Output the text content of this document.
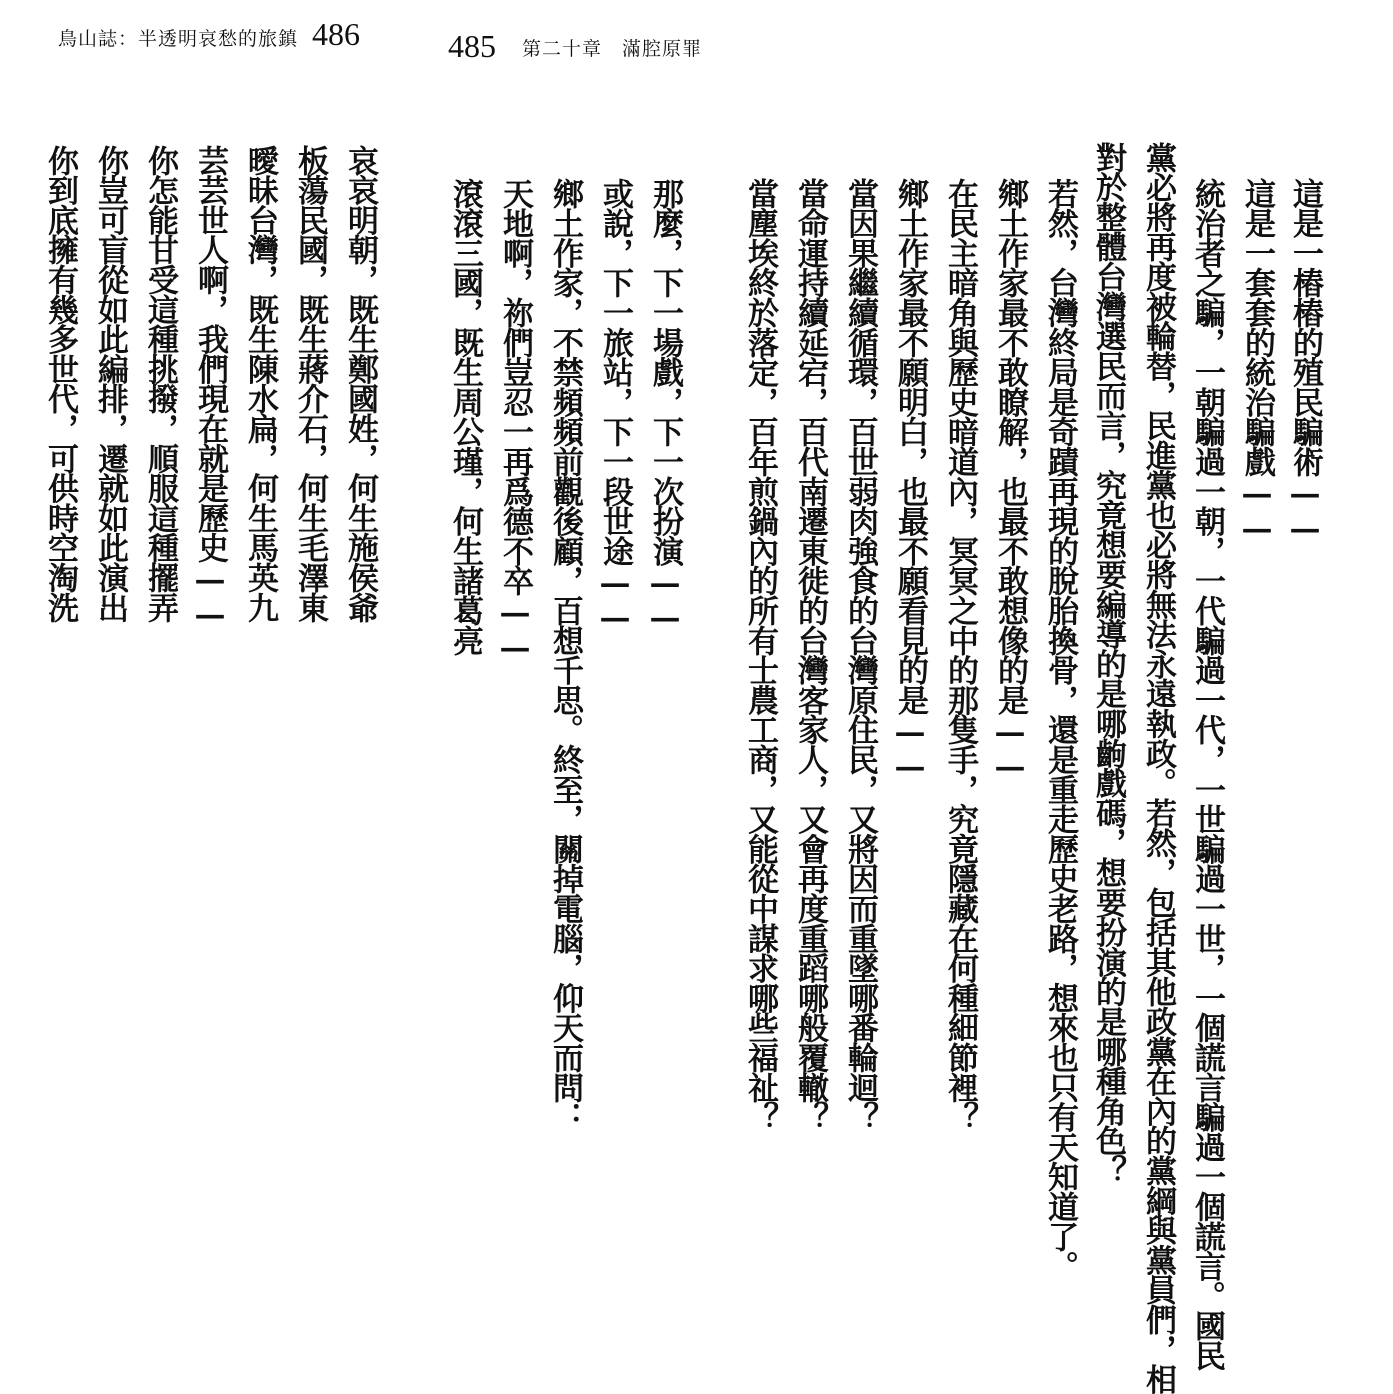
鳥山誌：半透明哀愁的旅鎮 486	485 第二十章　滿腔原罪
這是一樁樁的殖民騙術——
這是一套套的統治騙戲——
統治者之騙，一朝騙過一朝，一代騙過一代，一世騙過一世，一個謊言騙過一個謊言。國民
黨必將再度被輪替，民進黨也必將無法永遠執政。若然，包括其他政黨在內的黨綱與黨員們，相
對於整體台灣選民而言，究竟想要編導的是哪齣戲碼，想要扮演的是哪種角色？
若然，台灣終局是奇蹟再現的脫胎換骨，還是重走歷史老路，想來也只有天知道了。
鄉土作家最不敢瞭解，也最不敢想像的是——
在民主暗角與歷史暗道內，冥冥之中的那隻手，究竟隱藏在何種細節裡？
鄉土作家最不願明白，也最不願看見的是——
當因果繼續循環，百世弱肉強食的台灣原住民，又將因而重墜哪番輪迴？
當命運持續延宕，百代南遷東徙的台灣客家人，又會再度重蹈哪般覆轍？
當塵埃終於落定，百年煎鍋內的所有士農工商，又能從中謀求哪些福祉？
那麼，下一場戲，下一次扮演——
或說，下一旅站，下一段世途——
鄉土作家，不禁頻頻前觀後顧，百想千思。終至，關掉電腦，仰天而問：
天地啊，祢們豈忍一再爲德不卒——
滾滾三國，既生周公瑾，何生諸葛亮
哀哀明朝，既生鄭國姓，何生施侯爺
板蕩民國，既生蔣介石，何生毛澤東
曖昧台灣，既生陳水扁，何生馬英九
芸芸世人啊，我們現在就是歷史——
你怎能甘受這種挑撥，順服這種擺弄
你豈可盲從如此編排，遷就如此演出
你到底擁有幾多世代，可供時空淘洗
